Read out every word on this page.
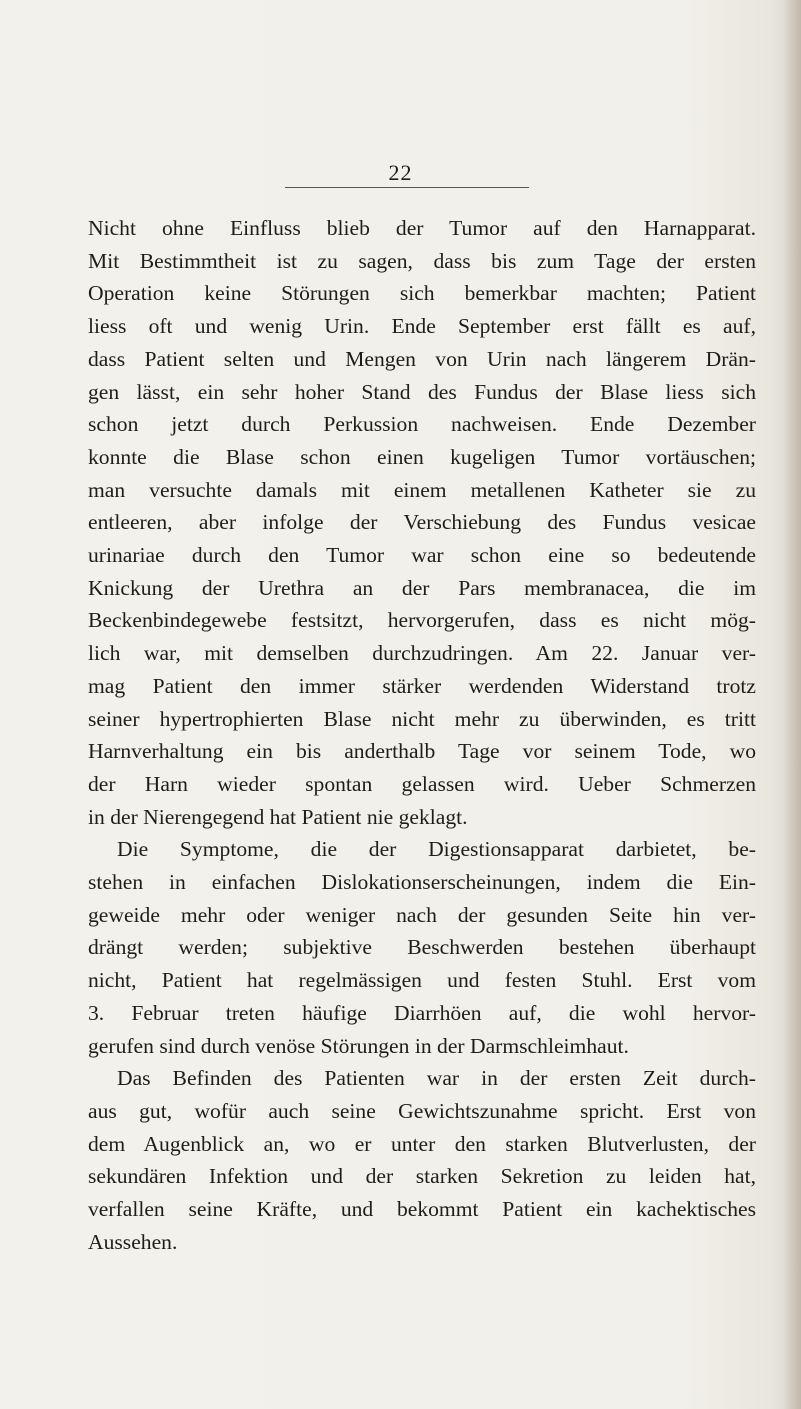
22
Nicht ohne Einfluss blieb der Tumor auf den Harnapparat.
Mit Bestimmtheit ist zu sagen, dass bis zum Tage der ersten
Operation keine Störungen sich bemerkbar machten; Patient
liess oft und wenig Urin. Ende September erst fällt es auf,
dass Patient selten und Mengen von Urin nach längerem Drän-
gen lässt, ein sehr hoher Stand des Fundus der Blase liess sich
schon jetzt durch Perkussion nachweisen. Ende Dezember
konnte die Blase schon einen kugeligen Tumor vortäuschen;
man versuchte damals mit einem metallenen Katheter sie zu
entleeren, aber infolge der Verschiebung des Fundus vesicae
urinariae durch den Tumor war schon eine so bedeutende
Knickung der Urethra an der Pars membranacea, die im
Beckenbindegewebe festsitzt, hervorgerufen, dass es nicht mög-
lich war, mit demselben durchzudringen. Am 22. Januar ver-
mag Patient den immer stärker werdenden Widerstand trotz
seiner hypertrophierten Blase nicht mehr zu überwinden, es tritt
Harnverhaltung ein bis anderthalb Tage vor seinem Tode, wo
der Harn wieder spontan gelassen wird. Ueber Schmerzen
in der Nierengegend hat Patient nie geklagt.
Die Symptome, die der Digestionsapparat darbietet, be-
stehen in einfachen Dislokationserscheinungen, indem die Ein-
geweide mehr oder weniger nach der gesunden Seite hin ver-
drängt werden; subjektive Beschwerden bestehen überhaupt
nicht, Patient hat regelmässigen und festen Stuhl. Erst vom
3. Februar treten häufige Diarrhöen auf, die wohl hervor-
gerufen sind durch venöse Störungen in der Darmschleimhaut.
Das Befinden des Patienten war in der ersten Zeit durch-
aus gut, wofür auch seine Gewichtszunahme spricht. Erst von
dem Augenblick an, wo er unter den starken Blutverlusten, der
sekundären Infektion und der starken Sekretion zu leiden hat,
verfallen seine Kräfte, und bekommt Patient ein kachektisches
Aussehen.
